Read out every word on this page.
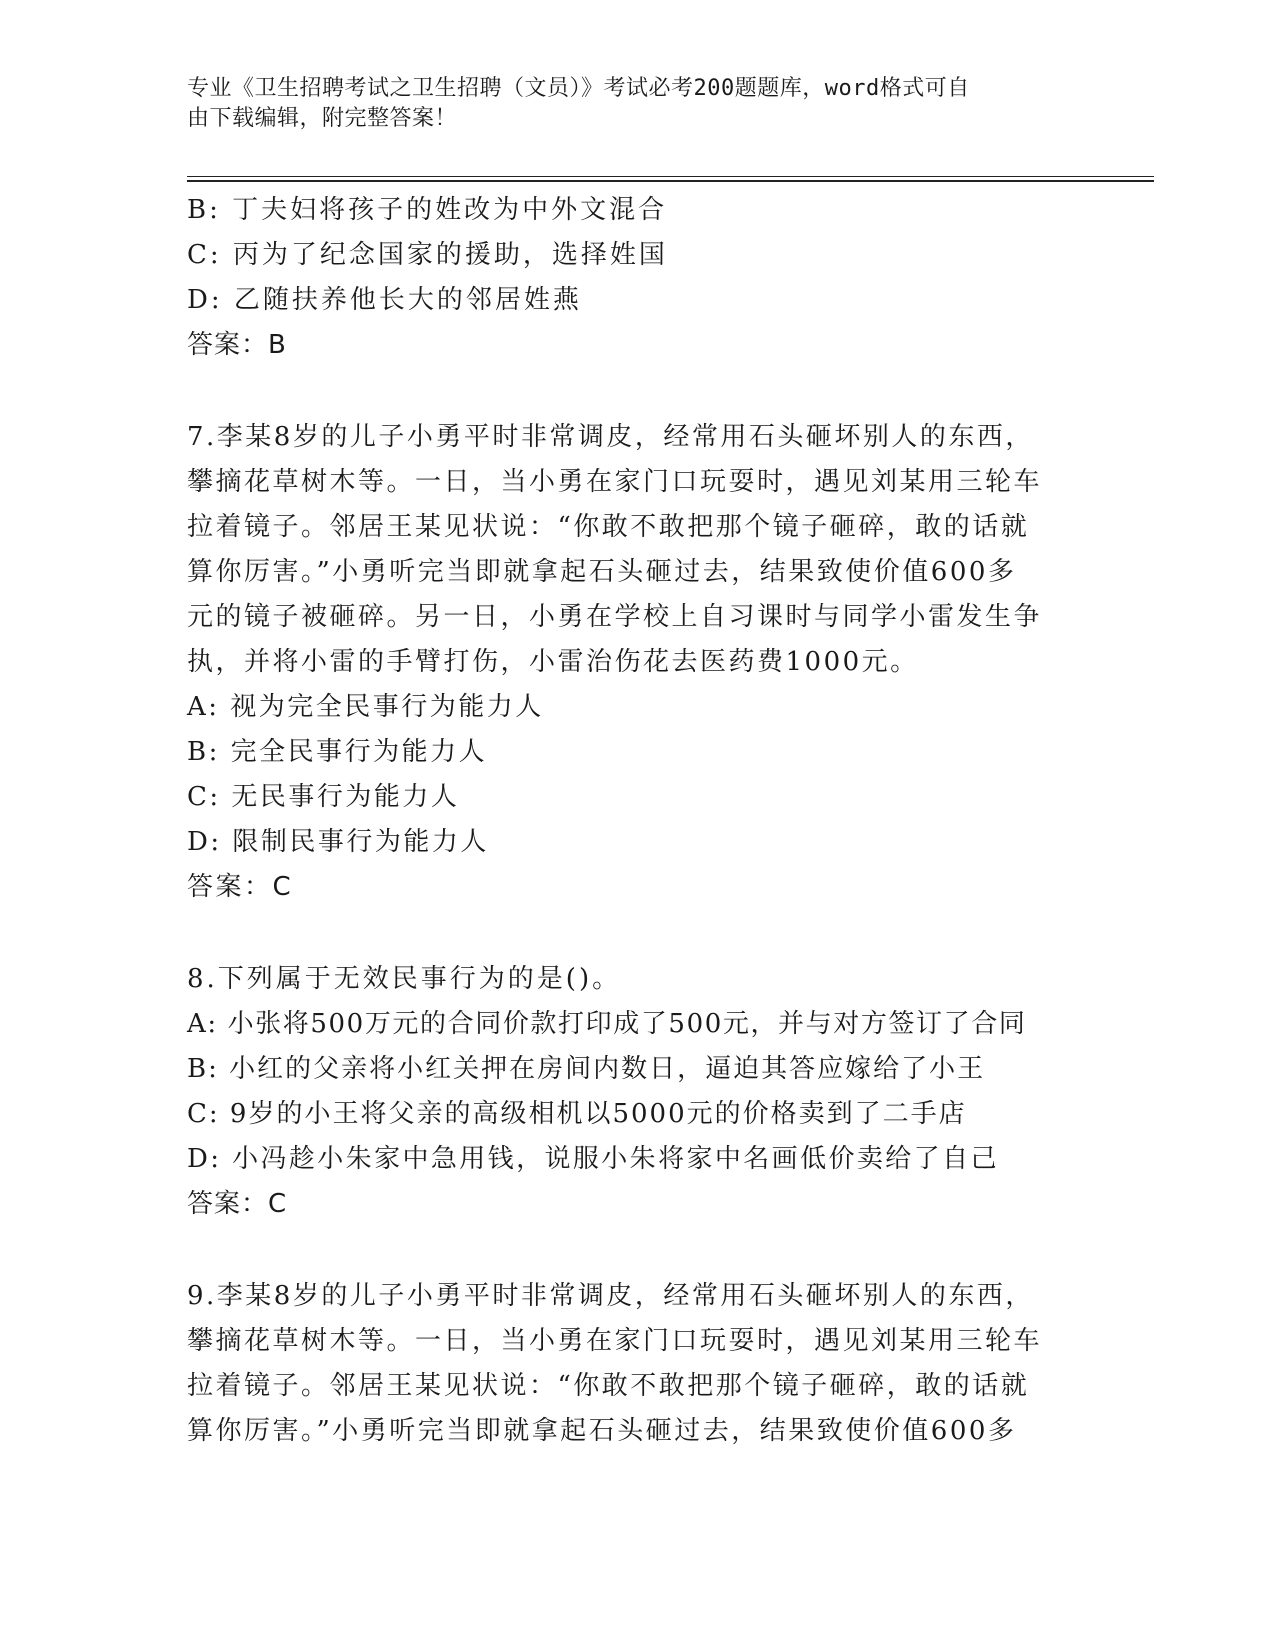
专业《卫生招聘考试之卫生招聘（文员）》考试必考200题题库，word格式可自
由下载编辑，附完整答案！
B: 丁夫妇将孩子的姓改为中外文混合
C: 丙为了纪念国家的援助，选择姓国
D: 乙随扶养他长大的邻居姓燕
答案：B
7.李某8岁的儿子小勇平时非常调皮，经常用石头砸坏别人的东西，
攀摘花草树木等。一日，当小勇在家门口玩耍时，遇见刘某用三轮车
拉着镜子。邻居王某见状说：“你敢不敢把那个镜子砸碎，敢的话就
算你厉害。”小勇听完当即就拿起石头砸过去，结果致使价值600多
元的镜子被砸碎。另一日，小勇在学校上自习课时与同学小雷发生争
执，并将小雷的手臂打伤，小雷治伤花去医药费1000元。
A: 视为完全民事行为能力人
B: 完全民事行为能力人
C: 无民事行为能力人
D: 限制民事行为能力人
答案：C
8.下列属于无效民事行为的是()。
A: 小张将500万元的合同价款打印成了500元，并与对方签订了合同
B: 小红的父亲将小红关押在房间内数日，逼迫其答应嫁给了小王
C: 9岁的小王将父亲的高级相机以5000元的价格卖到了二手店
D: 小冯趁小朱家中急用钱，说服小朱将家中名画低价卖给了自己
答案：C
9.李某8岁的儿子小勇平时非常调皮，经常用石头砸坏别人的东西，
攀摘花草树木等。一日，当小勇在家门口玩耍时，遇见刘某用三轮车
拉着镜子。邻居王某见状说：“你敢不敢把那个镜子砸碎，敢的话就
算你厉害。”小勇听完当即就拿起石头砸过去，结果致使价值600多
